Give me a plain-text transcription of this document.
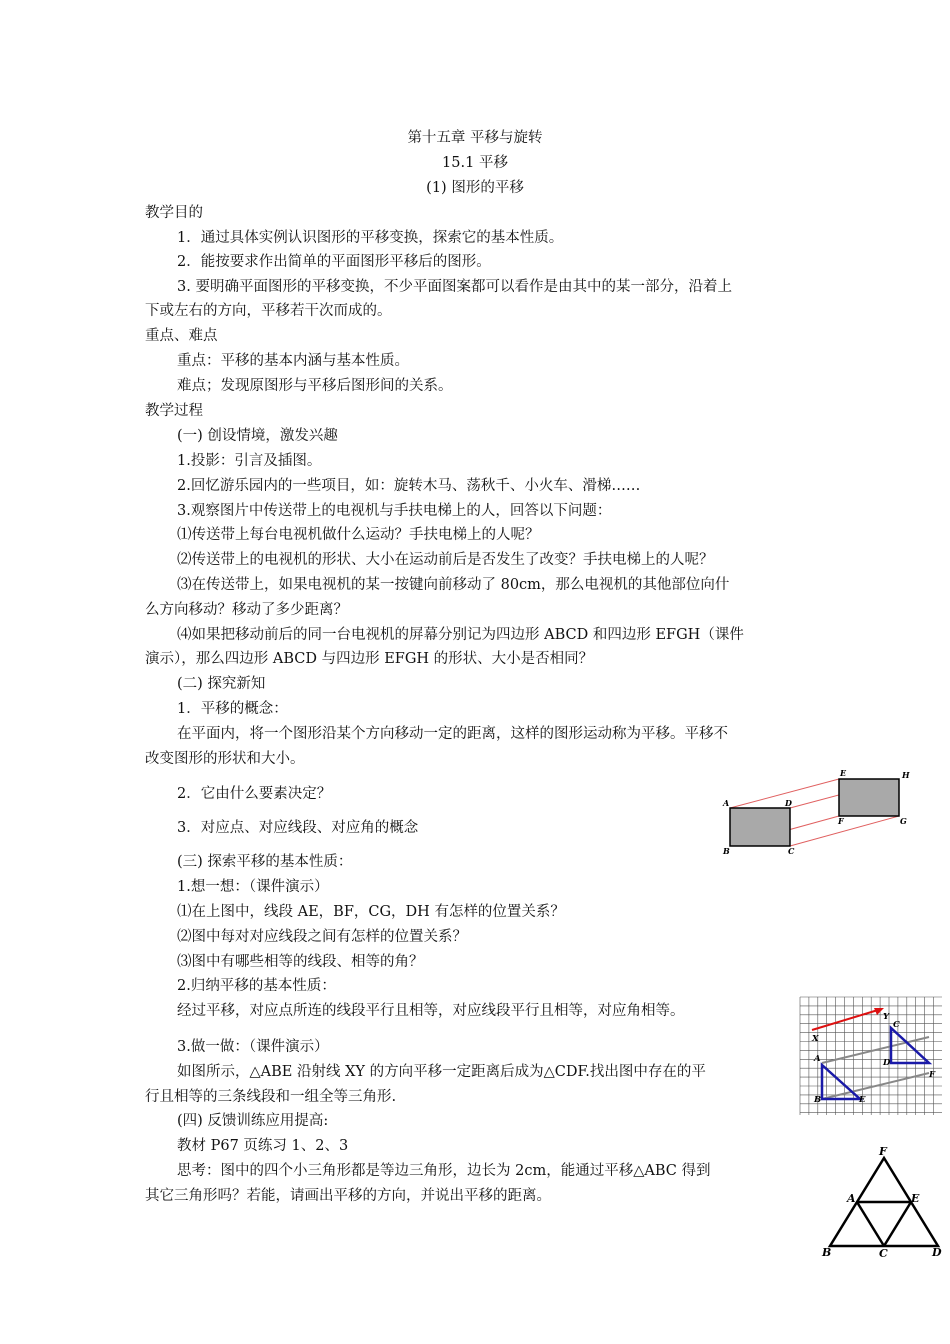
第十五章 平移与旋转
15.1 平移
(1) 图形的平移
教学目的
1．通过具体实例认识图形的平移变换，探索它的基本性质。
2．能按要求作出简单的平面图形平移后的图形。
3. 要明确平面图形的平移变换，不少平面图案都可以看作是由其中的某一部分，沿着上
下或左右的方向，平移若干次而成的。
重点、难点
重点：平移的基本内涵与基本性质。
难点；发现原图形与平移后图形间的关系。
教学过程
(一) 创设情境，激发兴趣
1.投影：引言及插图。
2.回忆游乐园内的一些项目，如：旋转木马、荡秋千、小火车、滑梯……
3.观察图片中传送带上的电视机与手扶电梯上的人，回答以下问题：
⑴传送带上每台电视机做什么运动？手扶电梯上的人呢？
⑵传送带上的电视机的形状、大小在运动前后是否发生了改变？手扶电梯上的人呢？
⑶在传送带上，如果电视机的某一按键向前移动了 80cm，那么电视机的其他部位向什
么方向移动？移动了多少距离？
⑷如果把移动前后的同一台电视机的屏幕分别记为四边形 ABCD 和四边形 EFGH（课件
演示），那么四边形 ABCD 与四边形 EFGH 的形状、大小是否相同？
(二) 探究新知
1．平移的概念：
在平面内，将一个图形沿某个方向移动一定的距离，这样的图形运动称为平移。平移不
改变图形的形状和大小。
2．它由什么要素决定？
3．对应点、对应线段、对应角的概念
(三) 探索平移的基本性质：
1.想一想：（课件演示）
⑴在上图中，线段 AE，BF，CG，DH 有怎样的位置关系？
⑵图中每对对应线段之间有怎样的位置关系？
⑶图中有哪些相等的线段、相等的角？
2.归纳平移的基本性质：
经过平移，对应点所连的线段平行且相等，对应线段平行且相等，对应角相等。
3.做一做：（课件演示）
如图所示，△ABE 沿射线 XY 的方向平移一定距离后成为△CDF.找出图中存在的平
行且相等的三条线段和一组全等三角形.
(四) 反馈训练应用提高:
教材 P67 页练习 1、2、3
思考：图中的四个小三角形都是等边三角形，边长为 2cm，能通过平移△ABC 得到
其它三角形吗？若能，请画出平移的方向，并说出平移的距离。
A
B	C
D
E
F	G
H
X
Y
A
B
C
D
E
F
F
A	E
B	C	D
